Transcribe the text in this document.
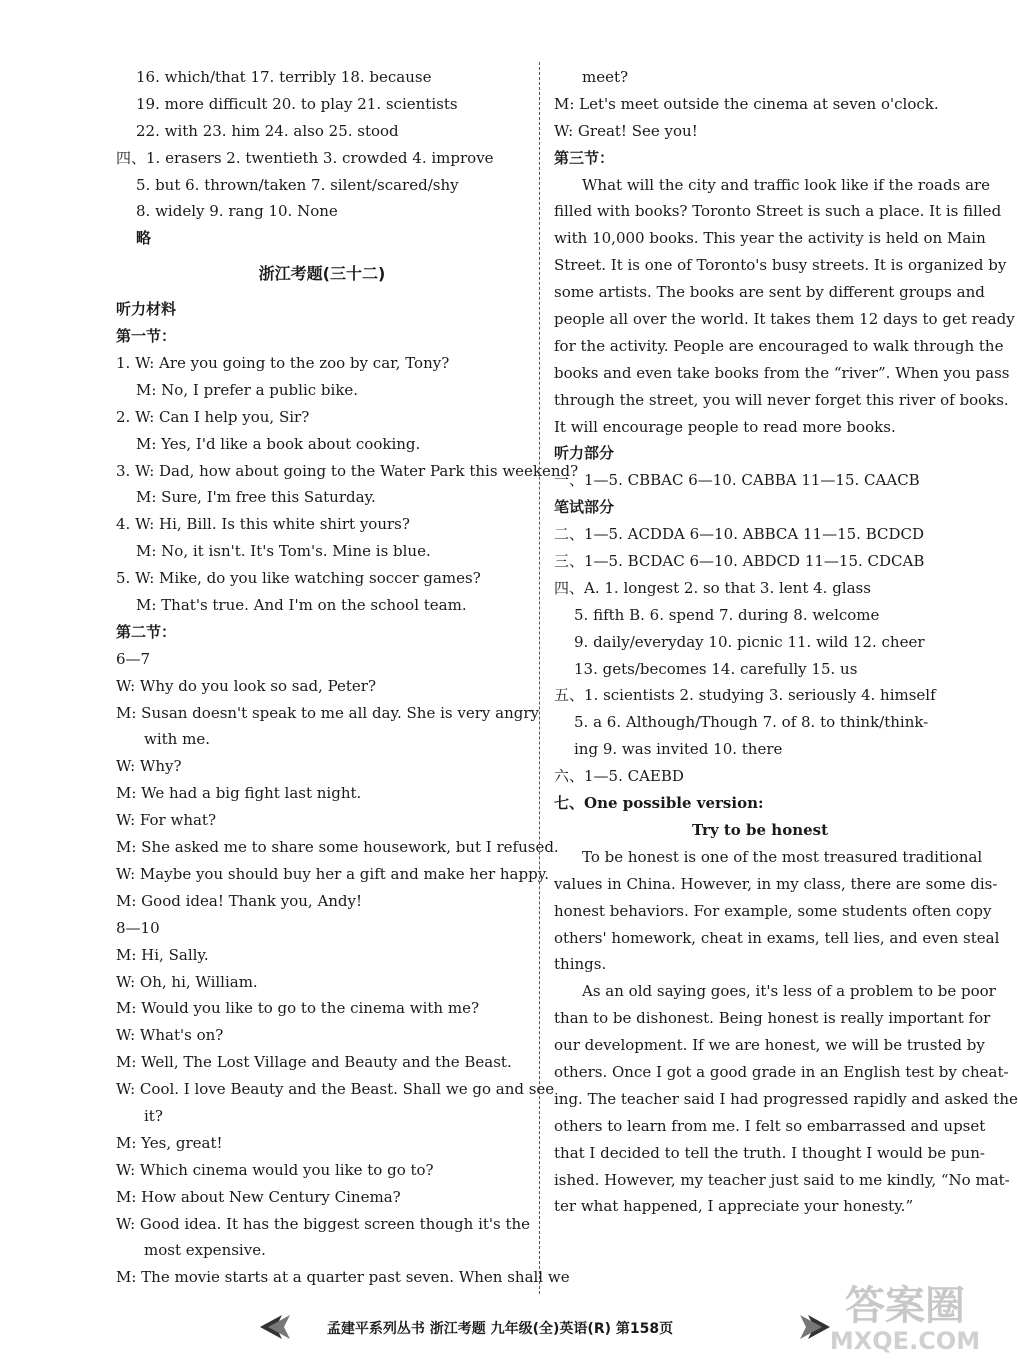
16. which/that 17. terribly 18. because
19. more difficult 20. to play 21. scientists
22. with 23. him 24. also 25. stood
四、1. erasers 2. twentieth 3. crowded 4. improve
5. but 6. thrown/taken 7. silent/scared/shy
8. widely 9. rang 10. None
略
浙江考题(三十二)
听力材料
第一节：
1. W: Are you going to the zoo by car, Tony?
M: No, I prefer a public bike.
2. W: Can I help you, Sir?
M: Yes, I'd like a book about cooking.
3. W: Dad, how about going to the Water Park this weekend?
M: Sure, I'm free this Saturday.
4. W: Hi, Bill. Is this white shirt yours?
M: No, it isn't. It's Tom's. Mine is blue.
5. W: Mike, do you like watching soccer games?
M: That's true. And I'm on the school team.
第二节：
6—7
W: Why do you look so sad, Peter?
M: Susan doesn't speak to me all day. She is very angry
with me.
W: Why?
M: We had a big fight last night.
W: For what?
M: She asked me to share some housework, but I refused.
W: Maybe you should buy her a gift and make her happy.
M: Good idea! Thank you, Andy!
8—10
M: Hi, Sally.
W: Oh, hi, William.
M: Would you like to go to the cinema with me?
W: What's on?
M: Well, The Lost Village and Beauty and the Beast.
W: Cool. I love Beauty and the Beast. Shall we go and see
it?
M: Yes, great!
W: Which cinema would you like to go to?
M: How about New Century Cinema?
W: Good idea. It has the biggest screen though it's the
most expensive.
M: The movie starts at a quarter past seven. When shall we
meet?
M: Let's meet outside the cinema at seven o'clock.
W: Great! See you!
第三节：
What will the city and traffic look like if the roads are
filled with books? Toronto Street is such a place. It is filled
with 10,000 books. This year the activity is held on Main
Street. It is one of Toronto's busy streets. It is organized by
some artists. The books are sent by different groups and
people all over the world. It takes them 12 days to get ready
for the activity. People are encouraged to walk through the
books and even take books from the “river”. When you pass
through the street, you will never forget this river of books.
It will encourage people to read more books.
听力部分
一、1—5. CBBAC 6—10. CABBA 11—15. CAACB
笔试部分
二、1—5. ACDDA 6—10. ABBCA 11—15. BCDCD
三、1—5. BCDAC 6—10. ABDCD 11—15. CDCAB
四、A. 1. longest 2. so that 3. lent 4. glass
5. fifth B. 6. spend 7. during 8. welcome
9. daily/everyday 10. picnic 11. wild 12. cheer
13. gets/becomes 14. carefully 15. us
五、1. scientists 2. studying 3. seriously 4. himself
5. a 6. Although/Though 7. of 8. to think/think-
ing 9. was invited 10. there
六、1—5. CAEBD
七、One possible version:
Try to be honest
To be honest is one of the most treasured traditional
values in China. However, in my class, there are some dis-
honest behaviors. For example, some students often copy
others' homework, cheat in exams, tell lies, and even steal
things.
As an old saying goes, it's less of a problem to be poor
than to be dishonest. Being honest is really important for
our development. If we are honest, we will be trusted by
others. Once I got a good grade in an English test by cheat-
ing. The teacher said I had progressed rapidly and asked the
others to learn from me. I felt so embarrassed and upset
that I decided to tell the truth. I thought I would be pun-
ished. However, my teacher just said to me kindly, “No mat-
ter what happened, I appreciate your honesty.”
孟建平系列丛书 浙江考题 九年级(全)英语(R) 第158页	答案圈
MXQE.COM
